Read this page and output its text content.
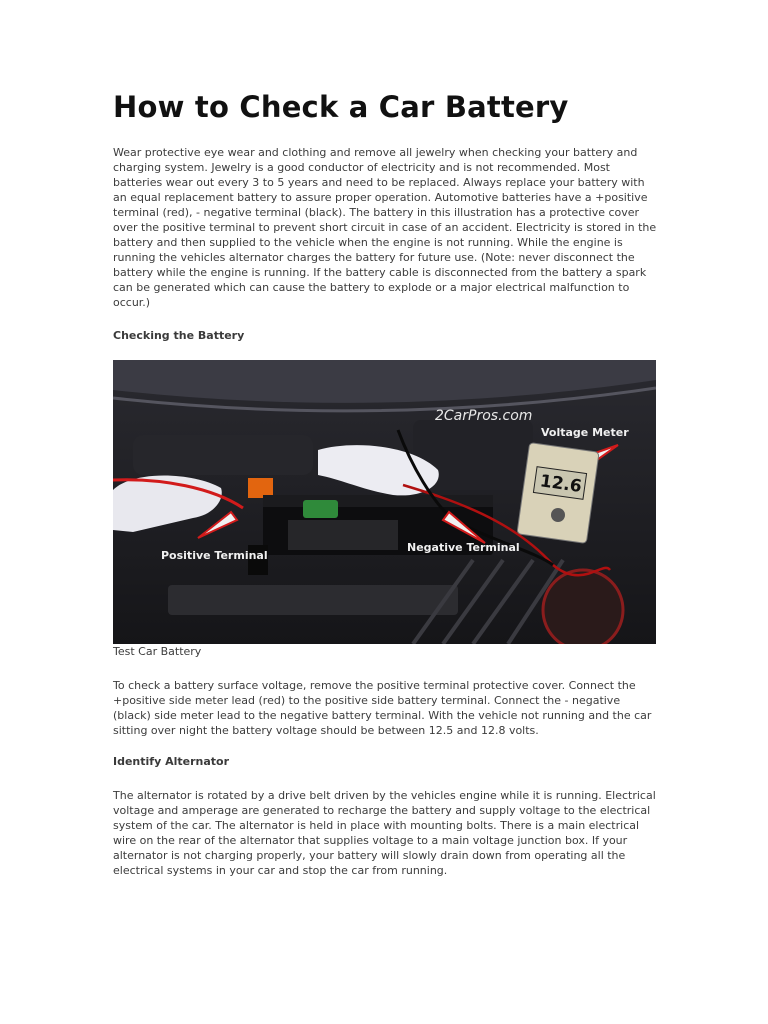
How to Check a Car Battery

Wear protective eye wear and clothing and remove all jewelry when checking your battery and charging system. Jewelry is a good conductor of electricity and is not recommended. Most batteries wear out every 3 to 5 years and need to be replaced. Always replace your battery with an equal replacement battery to assure proper operation. Automotive batteries have a +positive terminal (red), - negative terminal (black). The battery in this illustration has a protective cover over the positive terminal to prevent short circuit in case of an accident. Electricity is stored in the battery and then supplied to the vehicle when the engine is not running. While the engine is running the vehicles alternator charges the battery for future use. (Note: never disconnect the battery while the engine is running. If the battery cable is disconnected from the battery a spark can be generated which can cause the battery to explode or a major electrical malfunction to occur.)

Checking the Battery
2CarPros.com
Voltage Meter
12.6
Positive Terminal
Negative Terminal

Test Car Battery

To check a battery surface voltage, remove the positive terminal protective cover. Connect the +positive side meter lead (red) to the positive side battery terminal. Connect the - negative (black) side meter lead to the negative battery terminal. With the vehicle not running and the car sitting over night the battery voltage should be between 12.5 and 12.8 volts.

Identify Alternator

The alternator is rotated by a drive belt driven by the vehicles engine while it is running. Electrical voltage and amperage are generated to recharge the battery and supply voltage to the electrical system of the car. The alternator is held in place with mounting bolts. There is a main electrical wire on the rear of the alternator that supplies voltage to a main voltage junction box. If your alternator is not charging properly, your battery will slowly drain down from operating all the electrical systems in your car and stop the car from running.
